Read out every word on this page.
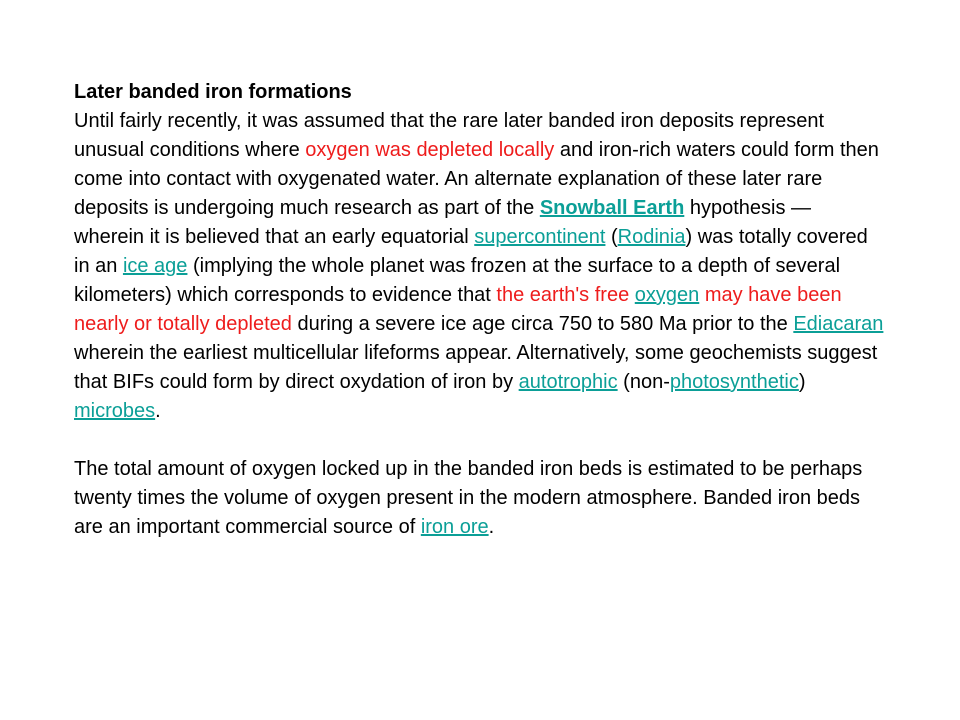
Later banded iron formations
Until fairly recently, it was assumed that the rare later banded iron deposits represent unusual conditions where oxygen was depleted locally and iron-rich waters could form then come into contact with oxygenated water. An alternate explanation of these later rare deposits is undergoing much research as part of the Snowball Earth hypothesis — wherein it is believed that an early equatorial supercontinent (Rodinia) was totally covered in an ice age (implying the whole planet was frozen at the surface to a depth of several kilometers) which corresponds to evidence that the earth's free oxygen may have been nearly or totally depleted during a severe ice age circa 750 to 580 Ma prior to the Ediacaran wherein the earliest multicellular lifeforms appear. Alternatively, some geochemists suggest that BIFs could form by direct oxydation of iron by autotrophic (non-photosynthetic) microbes.

The total amount of oxygen locked up in the banded iron beds is estimated to be perhaps twenty times the volume of oxygen present in the modern atmosphere. Banded iron beds are an important commercial source of iron ore.
